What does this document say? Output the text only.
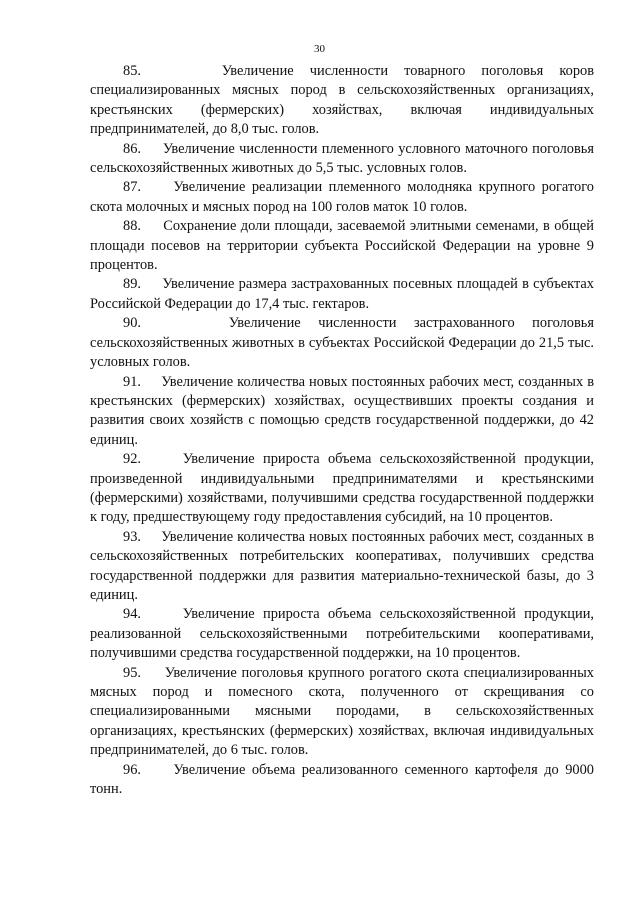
30

85.	Увеличение численности товарного поголовья коров специализированных мясных пород в сельскохозяйственных организациях, крестьянских (фермерских) хозяйствах, включая индивидуальных предпринимателей, до 8,0 тыс. голов.

86. Увеличение численности племенного условного маточного поголовья сельскохозяйственных животных до 5,5 тыс. условных голов.

87. Увеличение реализации племенного молодняка крупного рогатого скота молочных и мясных пород на 100 голов маток 10 голов.

88. Сохранение доли площади, засеваемой элитными семенами, в общей площади посевов на территории субъекта Российской Федерации на уровне 9 процентов.

89. Увеличение размера застрахованных посевных площадей в субъектах Российской Федерации до 17,4 тыс. гектаров.

90.	Увеличение численности застрахованного поголовья сельскохозяйственных животных в субъектах Российской Федерации до 21,5 тыс. условных голов.

91. Увеличение количества новых постоянных рабочих мест, созданных в крестьянских (фермерских) хозяйствах, осуществивших проекты создания и развития своих хозяйств с помощью средств государственной поддержки, до 42 единиц.

92.	Увеличение прироста объема сельскохозяйственной продукции, произведенной индивидуальными предпринимателями и крестьянскими (фермерскими) хозяйствами, получившими средства государственной поддержки к году, предшествующему году предоставления субсидий, на 10 процентов.

93. Увеличение количества новых постоянных рабочих мест, созданных в сельскохозяйственных потребительских кооперативах, получивших средства государственной поддержки для развития материально-технической базы, до 3 единиц.

94.	Увеличение прироста объема сельскохозяйственной продукции, реализованной сельскохозяйственными потребительскими кооперативами, получившими средства государственной поддержки, на 10 процентов.

95. Увеличение поголовья крупного рогатого скота специализированных мясных пород и помесного скота, полученного от скрещивания со специализированными мясными породами, в сельскохозяйственных организациях, крестьянских (фермерских) хозяйствах, включая индивидуальных предпринимателей, до 6 тыс. голов.

96. Увеличение объема реализованного семенного картофеля до 9000 тонн.
